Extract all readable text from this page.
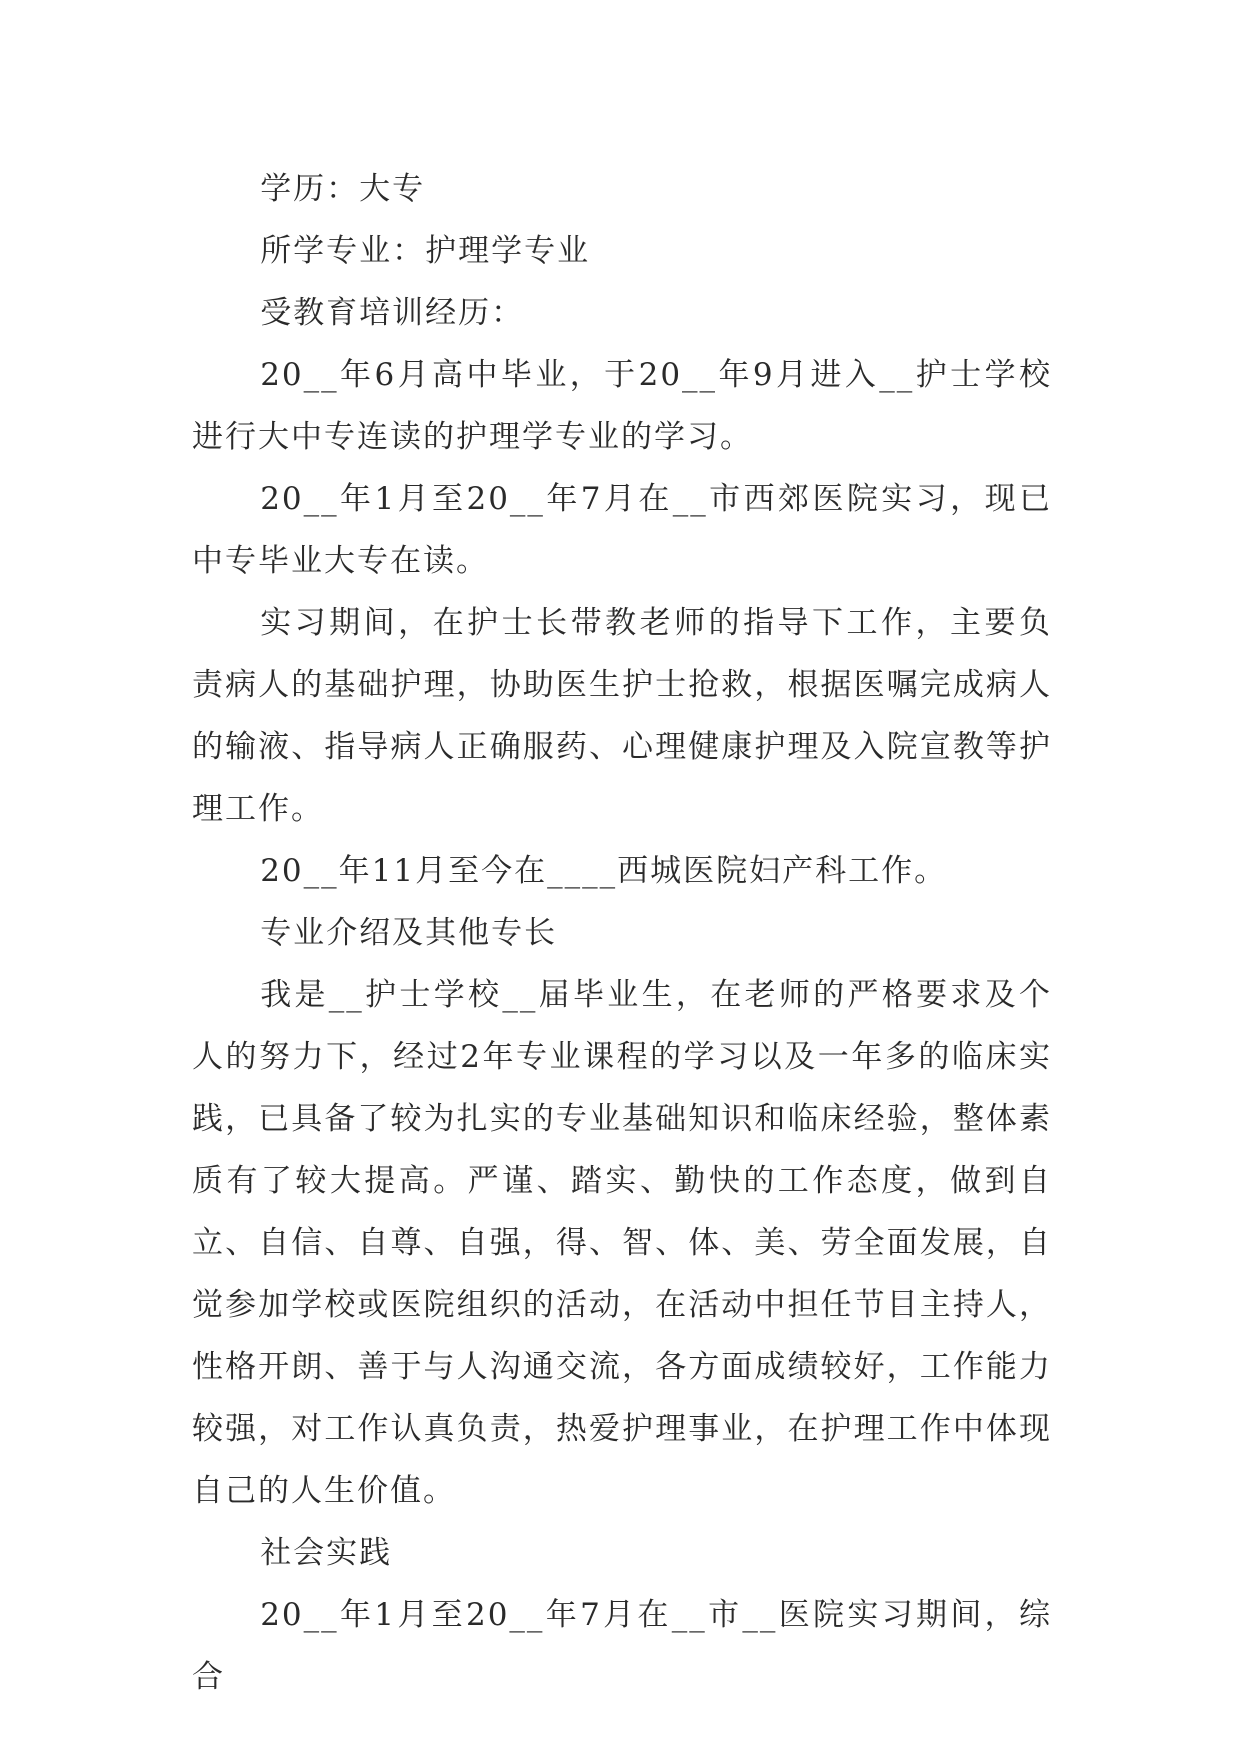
学历：大专

所学专业：护理学专业

受教育培训经历：

20__年6月高中毕业，于20__年9月进入__护士学校进行大中专连读的护理学专业的学习。

20__年1月至20__年7月在__市西郊医院实习，现已中专毕业大专在读。

实习期间，在护士长带教老师的指导下工作，主要负责病人的基础护理，协助医生护士抢救，根据医嘱完成病人的输液、指导病人正确服药、心理健康护理及入院宣教等护理工作。

20__年11月至今在____西城医院妇产科工作。

专业介绍及其他专长

我是__护士学校__届毕业生，在老师的严格要求及个人的努力下，经过2年专业课程的学习以及一年多的临床实践，已具备了较为扎实的专业基础知识和临床经验，整体素质有了较大提高。严谨、踏实、勤快的工作态度，做到自立、自信、自尊、自强，得、智、体、美、劳全面发展，自觉参加学校或医院组织的活动，在活动中担任节目主持人，性格开朗、善于与人沟通交流，各方面成绩较好，工作能力较强，对工作认真负责，热爱护理事业，在护理工作中体现自己的人生价值。

社会实践

20__年1月至20__年7月在__市__医院实习期间，综合
